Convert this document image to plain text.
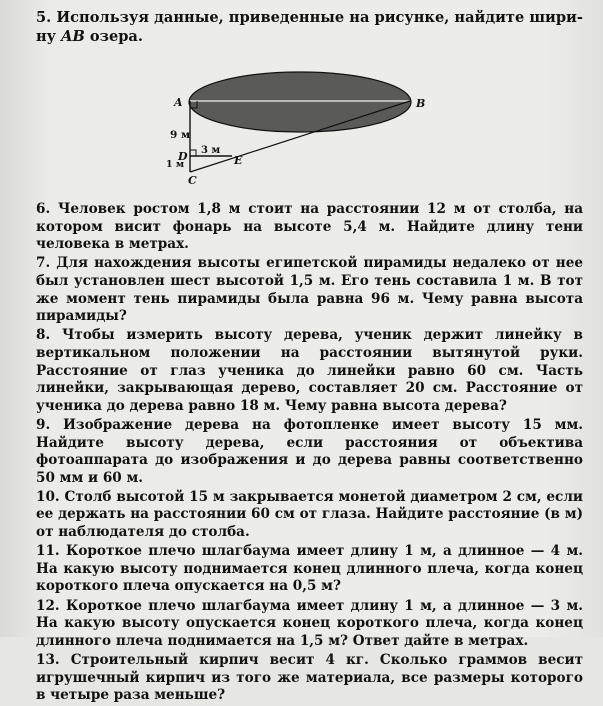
5. Используя данные, приведенные на рисунке, найдите шири-
ну AB озера.
A	B
C
D	E
9 м
3 м
1 м
6. Человек ростом 1,8 м стоит на расстоянии 12 м от столба, на котором висит фонарь на высоте 5,4 м. Найдите длину тени человека в метрах.
7. Для нахождения высоты египетской пирамиды недалеко от нее был установлен шест высотой 1,5 м. Его тень составила 1 м. В тот же момент тень пирамиды была равна 96 м. Чему равна высота пирамиды?
8. Чтобы измерить высоту дерева, ученик держит линейку в вертикальном положении на расстоянии вытянутой руки. Расстояние от глаз ученика до линейки равно 60 см. Часть линейки, закрывающая дерево, составляет 20 см. Расстояние от ученика до дерева равно 18 м. Чему равна высота дерева?
9. Изображение дерева на фотопленке имеет высоту 15 мм. Найдите высоту дерева, если расстояния от объектива фотоаппарата до изображения и до дерева равны соответственно 50 мм и 60 м.
10. Столб высотой 15 м закрывается монетой диаметром 2 см, если ее держать на расстоянии 60 см от глаза. Найдите расстояние (в м) от наблюдателя до столба.
11. Короткое плечо шлагбаума имеет длину 1 м, а длинное — 4 м. На какую высоту поднимается конец длинного плеча, когда конец короткого плеча опускается на 0,5 м?
12. Короткое плечо шлагбаума имеет длину 1 м, а длинное — 3 м. На какую высоту опускается конец короткого плеча, когда конец длинного плеча поднимается на 1,5 м? Ответ дайте в метрах.
13. Строительный кирпич весит 4 кг. Сколько граммов весит игрушечный кирпич из того же материала, все размеры которого в четыре раза меньше?
